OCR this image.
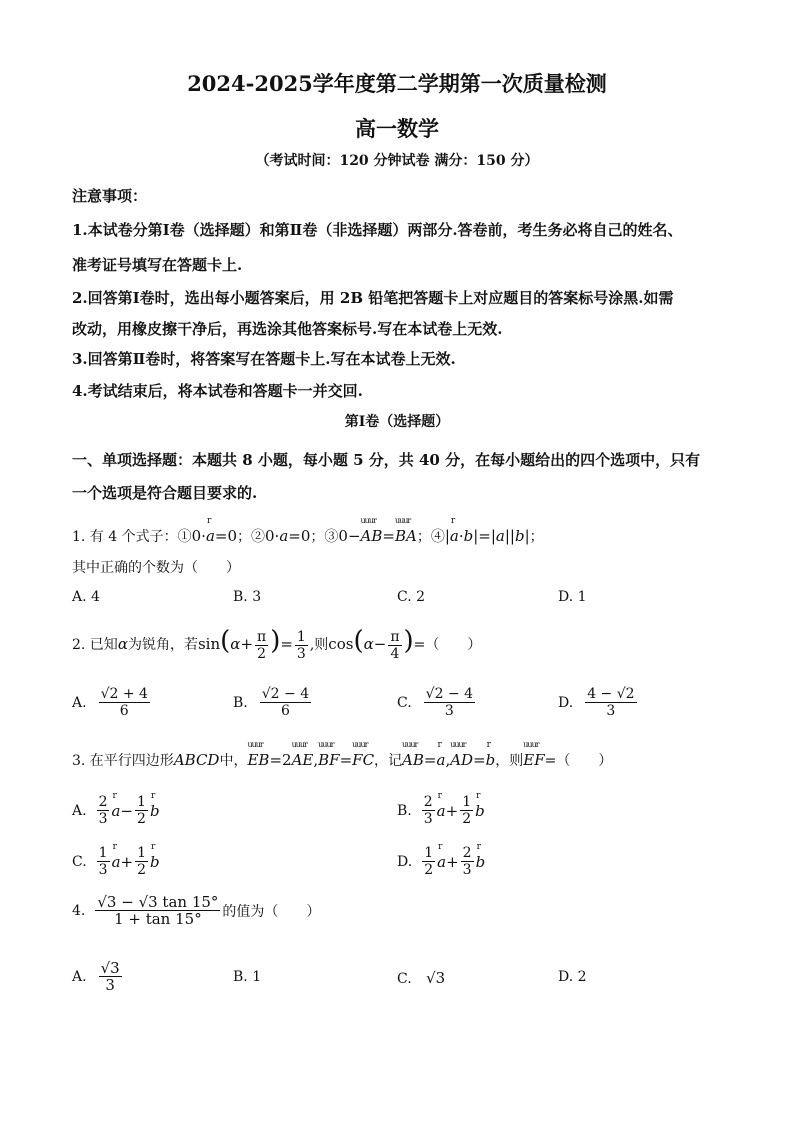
2024-2025学年度第二学期第一次质量检测
高一数学
（考试时间：120 分钟试卷 满分：150 分）
注意事项：
1.本试卷分第Ⅰ卷（选择题）和第Ⅱ卷（非选择题）两部分.答卷前，考生务必将自己的姓名、
准考证号填写在答题卡上.
2.回答第Ⅰ卷时，选出每小题答案后，用 2B 铅笔把答题卡上对应题目的答案标号涂黑.如需
改动，用橡皮擦干净后，再选涂其他答案标号.写在本试卷上无效.
3.回答第Ⅱ卷时，将答案写在答题卡上.写在本试卷上无效.
4.考试结束后，将本试卷和答题卡一并交回.
第Ⅰ卷（选择题）
一、单项选择题：本题共 8 小题，每小题 5 分，共 40 分，在每小题给出的四个选项中，只有
一个选项是符合题目要求的.
1. 有 4 个式子：①0·r a=0；②0·a=0；③0−uuur AB=uuur BA；④|r a·b|=|a||b|；
其中正确的个数为（　　）
A. 4	B. 3	C. 2	D. 1
2. 已知 α 为锐角，若 $\sin(\alpha+ \frac{\pi}{2}$ )= $\frac{1}{3}$ ,则 $\cos(\alpha- \frac{\pi}{4}$ ) =（　　）
A. $\frac{√2 + 4}{6}$	B. $\frac{√2 - 4}{6}$	C. $\frac{√2 - 4}{3}$	D. $\frac{4 - √2}{3}$
3. 在平行四边形ABCD中，uuur EB=2uuur AE,uuur BF=uuur FC，记uuur AB=r a,uuur AD=r b，则uuur EF=（　　）
A. $\frac{2}{3}$ r $a - \frac{1}{2}$ r b	B. $\frac{2}{3}$ r $a + \frac{1}{2}$ r b
C. $\frac{1}{3}$ r $a + \frac{1}{2}$ r b	D. $\frac{1}{2}$ r $a + \frac{2}{3}$ r b
4. $\frac{√3 - √3 \tan 15^\circ}{1 + \tan 15^\circ}$ 的值为（　　）
A. $\frac{√3}{3}$	B. 1	C. √3	D. 2
